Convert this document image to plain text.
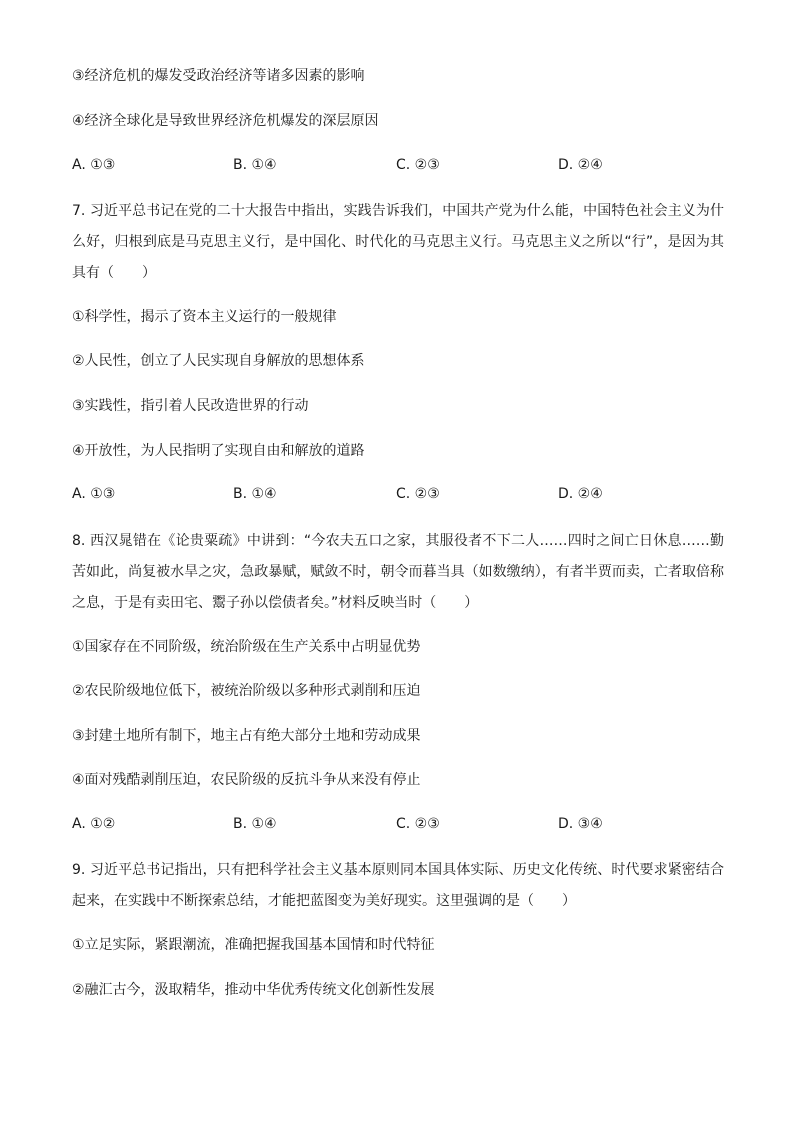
③经济危机的爆发受政治经济等诸多因素的影响
④经济全球化是导致世界经济危机爆发的深层原因
A. ①③	B. ①④	C. ②③	D. ②④
7. 习近平总书记在党的二十大报告中指出，实践告诉我们，中国共产党为什么能，中国特色社会主义为什么好，归根到底是马克思主义行，是中国化、时代化的马克思主义行。马克思主义之所以“行”，是因为其具有（　　）
①科学性，揭示了资本主义运行的一般规律
②人民性，创立了人民实现自身解放的思想体系
③实践性，指引着人民改造世界的行动
④开放性，为人民指明了实现自由和解放的道路
A. ①③	B. ①④	C. ②③	D. ②④
8. 西汉晁错在《论贵粟疏》中讲到：“今农夫五口之家，其服役者不下二人……四时之间亡日休息……勤苦如此，尚复被水旱之灾，急政暴赋，赋敛不时，朝令而暮当具（如数缴纳），有者半贾而卖，亡者取倍称之息，于是有卖田宅、鬻子孙以偿债者矣。”材料反映当时（　　）
①国家存在不同阶级，统治阶级在生产关系中占明显优势
②农民阶级地位低下，被统治阶级以多种形式剥削和压迫
③封建土地所有制下，地主占有绝大部分土地和劳动成果
④面对残酷剥削压迫，农民阶级的反抗斗争从来没有停止
A. ①②	B. ①④	C. ②③	D. ③④
9. 习近平总书记指出，只有把科学社会主义基本原则同本国具体实际、历史文化传统、时代要求紧密结合起来，在实践中不断探索总结，才能把蓝图变为美好现实。这里强调的是（　　）
①立足实际，紧跟潮流，准确把握我国基本国情和时代特征
②融汇古今，汲取精华，推动中华优秀传统文化创新性发展
